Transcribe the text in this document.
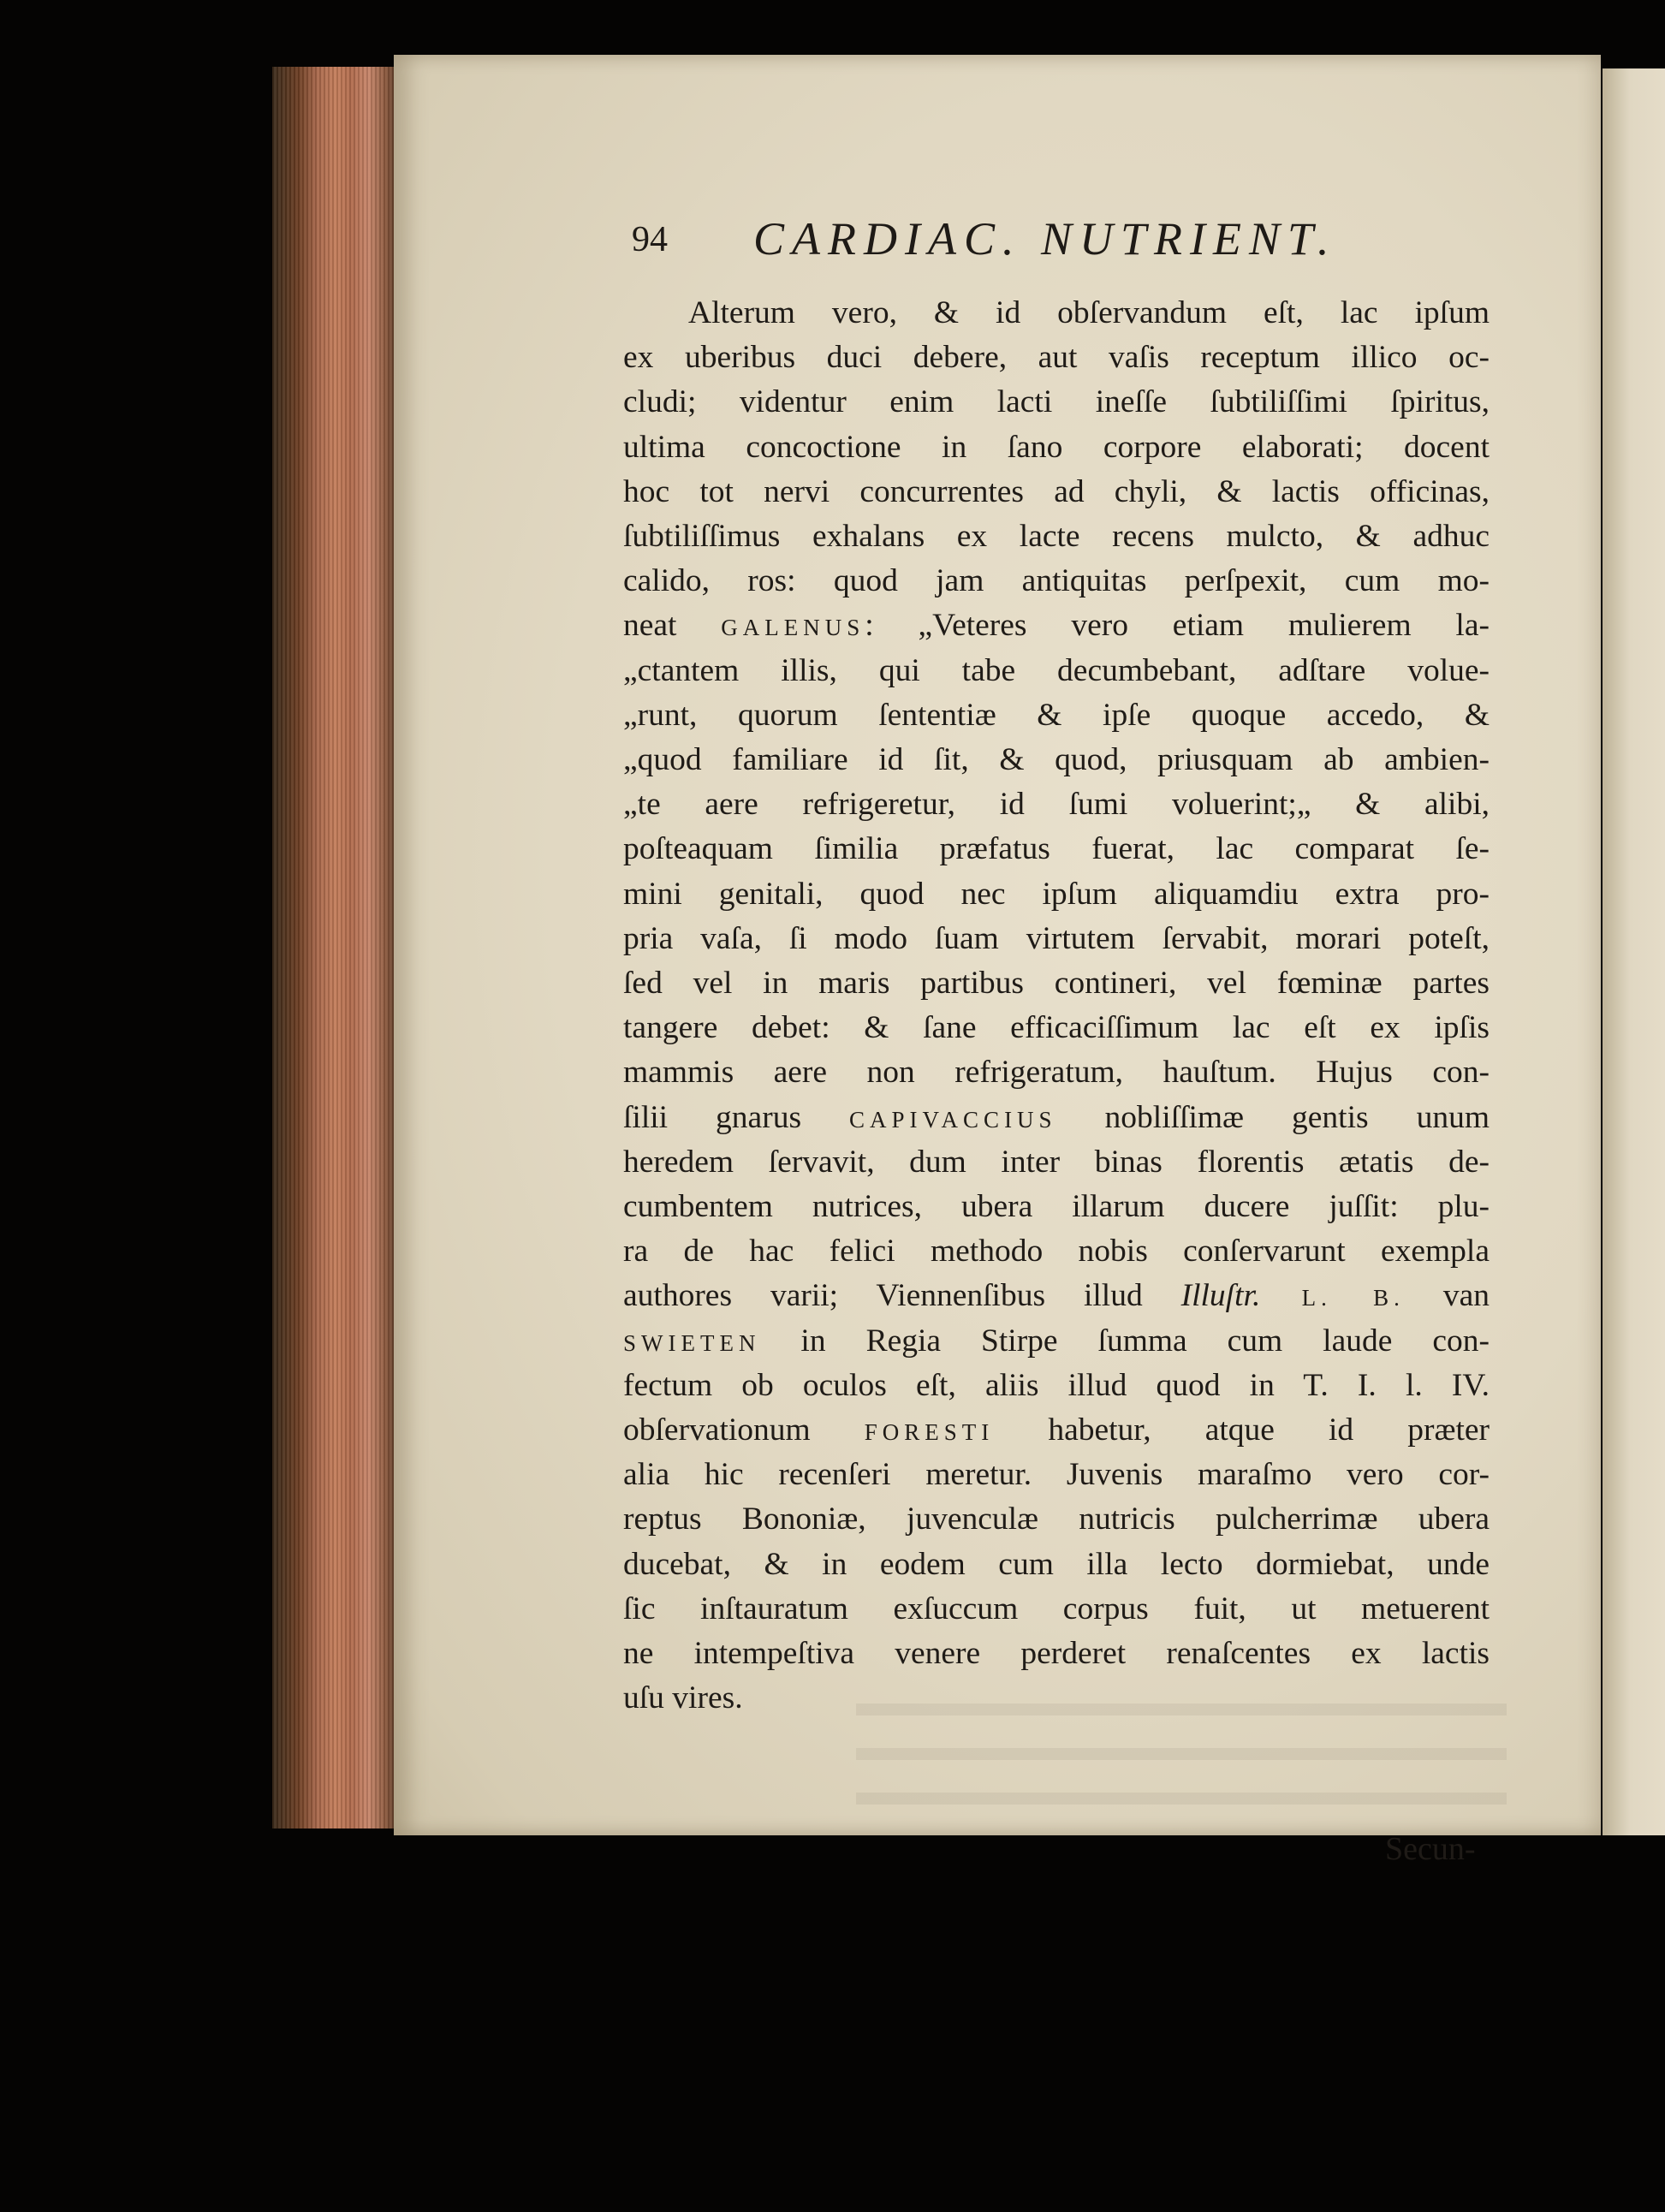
94 CARDIAC. NUTRIENT.
Alterum vero, & id obſervandum eſt, lac ipſum
ex uberibus duci debere, aut vaſis receptum illico oc-
cludi; videntur enim lacti ineſſe ſubtiliſſimi ſpiritus,
ultima concoctione in ſano corpore elaborati; docent
hoc tot nervi concurrentes ad chyli, & lactis officinas,
ſubtiliſſimus exhalans ex lacte recens mulcto, & adhuc
calido, ros: quod jam antiquitas perſpexit, cum mo-
neat GALENUS: „Veteres vero etiam mulierem la-
„ctantem illis, qui tabe decumbebant, adſtare volue-
„runt, quorum ſententiæ & ipſe quoque accedo, &
„quod familiare id ſit, & quod, priusquam ab ambien-
„te aere refrigeretur, id ſumi voluerint;„ & alibi,
poſteaquam ſimilia præfatus fuerat, lac comparat ſe-
mini genitali, quod nec ipſum aliquamdiu extra pro-
pria vaſa, ſi modo ſuam virtutem ſervabit, morari poteſt,
ſed vel in maris partibus contineri, vel fœminæ partes
tangere debet: & ſane efficaciſſimum lac eſt ex ipſis
mammis aere non refrigeratum, hauſtum. Hujus con-
ſilii gnarus CAPIVACCIUS nobliſſimæ gentis unum
heredem ſervavit, dum inter binas florentis ætatis de-
cumbentem nutrices, ubera illarum ducere juſſit: plu-
ra de hac felici methodo nobis conſervarunt exempla
authores varii; Viennenſibus illud Illuſtr. L. B. van
SWIETEN in Regia Stirpe ſumma cum laude con-
fectum ob oculos eſt, aliis illud quod in T. I. l. IV.
obſervationum FORESTI habetur, atque id præter
alia hic recenſeri meretur. Juvenis maraſmo vero cor-
reptus Bononiæ, juvenculæ nutricis pulcherrimæ ubera
ducebat, & in eodem cum illa lecto dormiebat, unde
ſic inſtauratum exſuccum corpus fuit, ut metuerent
ne intempeſtiva venere perderet renaſcentes ex lactis
uſu vires.
Secun-
